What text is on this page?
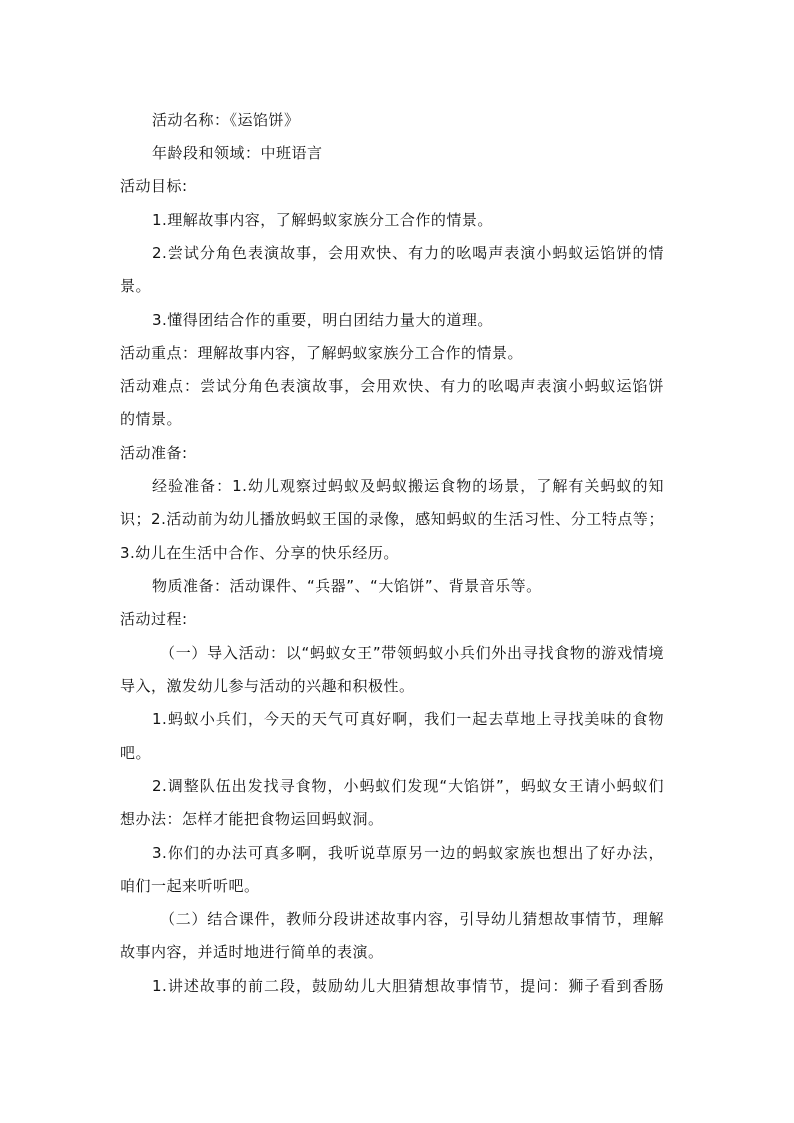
活动名称：《运馅饼》
年龄段和领域：中班语言
活动目标:
1.理解故事内容，了解蚂蚁家族分工合作的情景。
2.尝试分角色表演故事，会用欢快、有力的吆喝声表演小蚂蚁运馅饼的情
景。
3.懂得团结合作的重要，明白团结力量大的道理。
活动重点：理解故事内容，了解蚂蚁家族分工合作的情景。
活动难点：尝试分角色表演故事，会用欢快、有力的吆喝声表演小蚂蚁运馅饼
的情景。
活动准备:
经验准备：1.幼儿观察过蚂蚁及蚂蚁搬运食物的场景，了解有关蚂蚁的知
识；2.活动前为幼儿播放蚂蚁王国的录像，感知蚂蚁的生活习性、分工特点等；
3.幼儿在生活中合作、分享的快乐经历。
物质准备：活动课件、“兵器”、“大馅饼”、背景音乐等。
活动过程:
（一）导入活动：以“蚂蚁女王”带领蚂蚁小兵们外出寻找食物的游戏情境
导入，激发幼儿参与活动的兴趣和积极性。
1.蚂蚁小兵们，今天的天气可真好啊，我们一起去草地上寻找美味的食物
吧。
2.调整队伍出发找寻食物，小蚂蚁们发现“大馅饼”，蚂蚁女王请小蚂蚁们
想办法：怎样才能把食物运回蚂蚁洞。
3.你们的办法可真多啊，我听说草原另一边的蚂蚁家族也想出了好办法，
咱们一起来听听吧。
（二）结合课件，教师分段讲述故事内容，引导幼儿猜想故事情节，理解
故事内容，并适时地进行简单的表演。
1.讲述故事的前二段，鼓励幼儿大胆猜想故事情节，提问：狮子看到香肠
